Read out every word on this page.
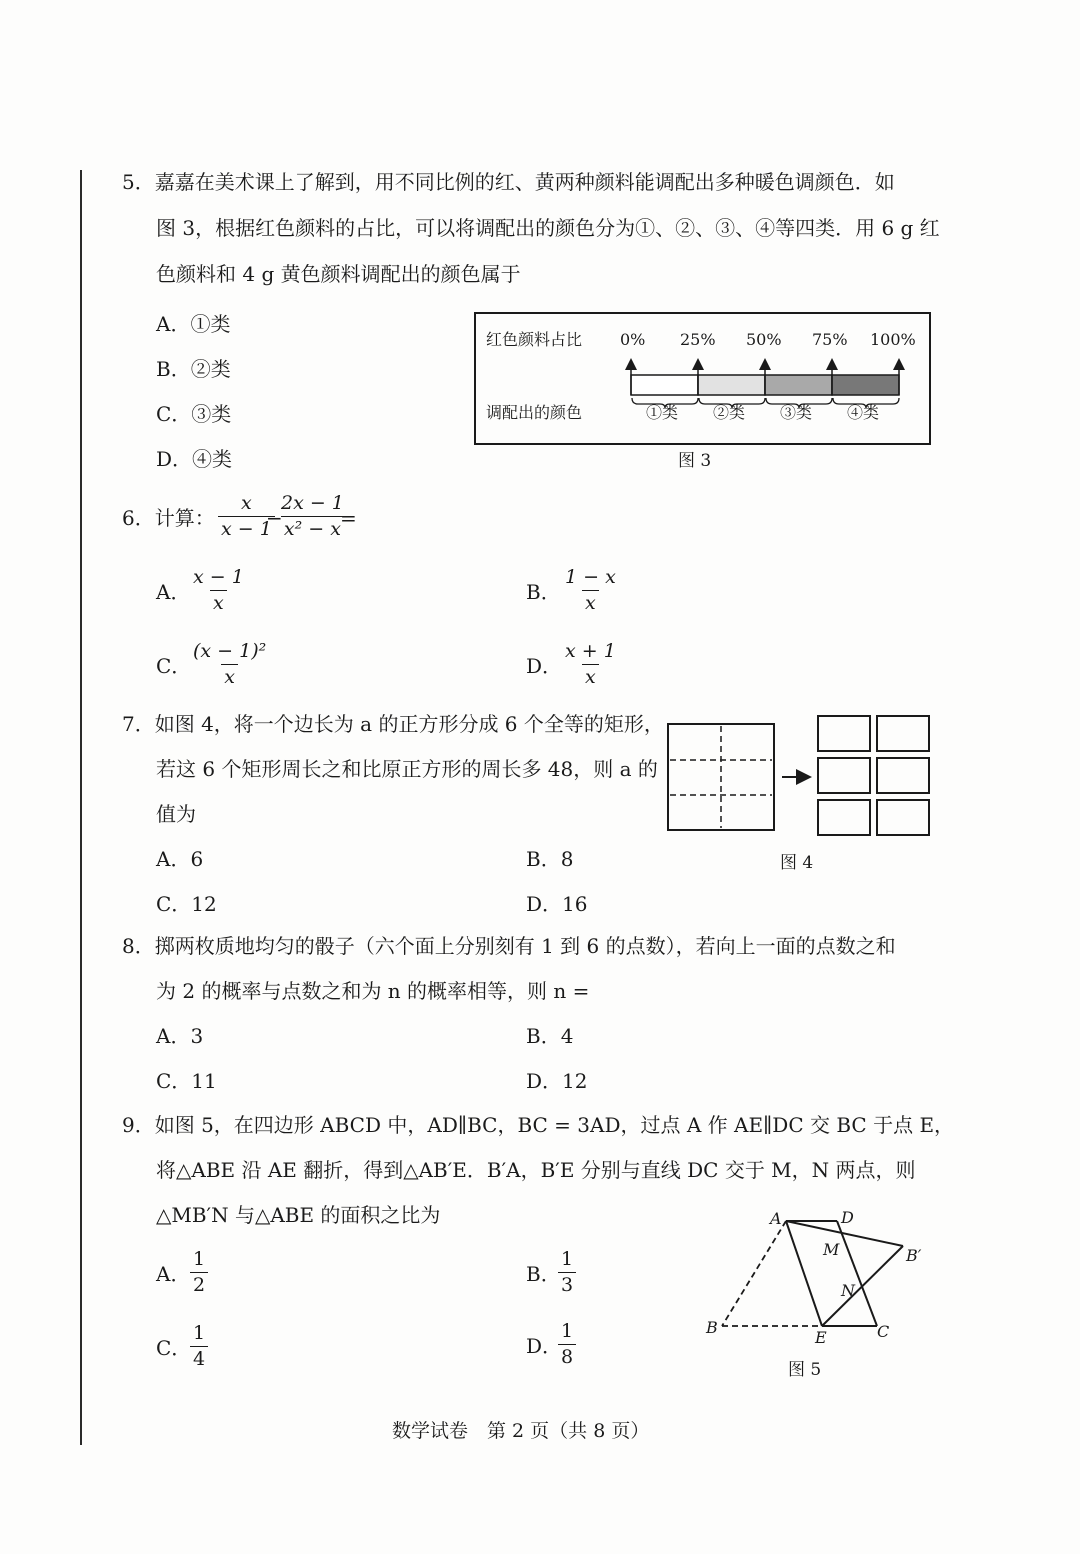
5．嘉嘉在美术课上了解到，用不同比例的红、黄两种颜料能调配出多种暖色调颜色．如
图 3，根据红色颜料的占比，可以将调配出的颜色分为①、②、③、④等四类．用 6 g 红
色颜料和 4 g 黄色颜料调配出的颜色属于
A．①类
B．②类
C．③类
D．④类
红色颜料占比
调配出的颜色
0% 25% 50% 75% 100%
①类 ②类 ③类 ④类
图 3
6．计算： $\frac{x}{x - 1}$
−
$\frac{2x - 1}{\text{x² − x}}$
=
A． $\frac{x - 1}{x}$	B． $\frac{1 - x}{x}$
C．
$\frac{\text{(x − 1)²}}{x}$	D． $\frac{x + 1}{x}$
7．如图 4，将一个边长为 a 的正方形分成 6 个全等的矩形，
若这 6 个矩形周长之和比原正方形的周长多 48，则 a 的
值为
A．6	B．8
C．12	D．16
图 4
8．掷两枚质地均匀的骰子（六个面上分别刻有 1 到 6 的点数），若向上一面的点数之和
为 2 的概率与点数之和为 n 的概率相等，则 n =
A．3	B．4
C．11	D．12
9．如图 5，在四边形 ABCD 中，AD∥BC，BC = 3AD，过点 A 作 AE∥DC 交 BC 于点 E，
将△ABE 沿 AE 翻折，得到△AB′E．B′A，B′E 分别与直线 DC 交于 M，N 两点，则
△MB′N 与△ABE 的面积之比为
A． $\frac{1}{2}$	B．
$\frac{1}{3}$
C．
$\frac{1}{4}$	D．
$\frac{1}{8}$
A	D
M	B′
N
B
E	C
图 5
数学试卷　第 2 页（共 8 页）
